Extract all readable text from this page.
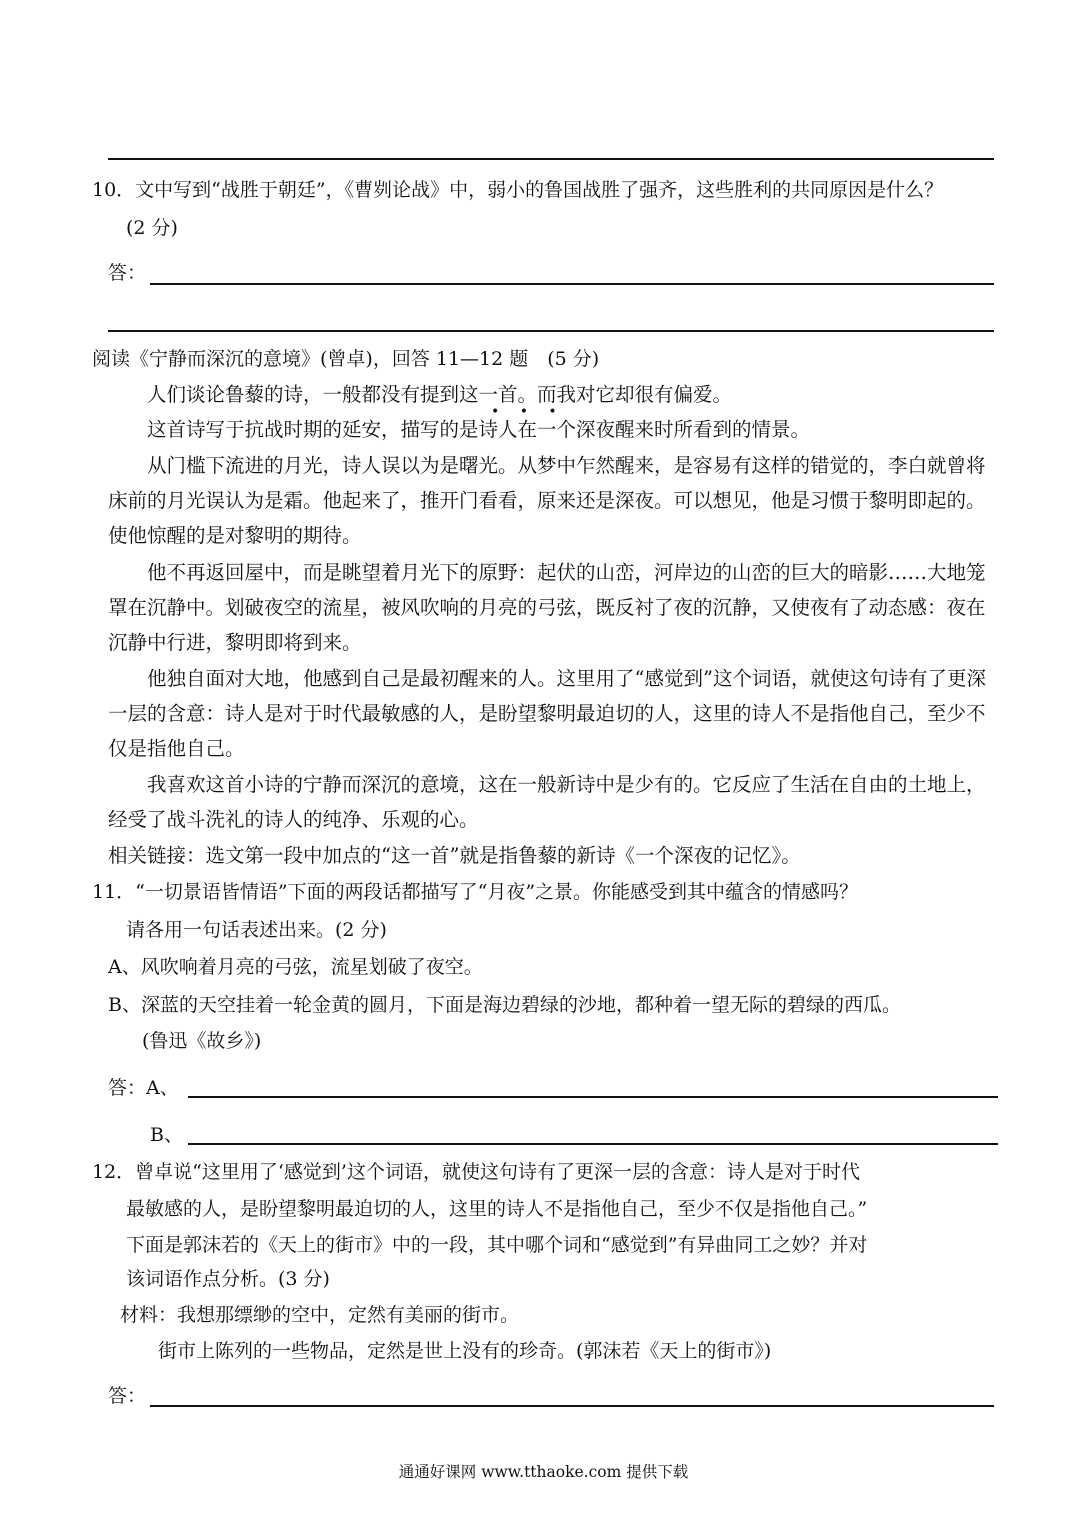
10．文中写到“战胜于朝廷”，《曹刿论战》中，弱小的鲁国战胜了强齐，这些胜利的共同原因是什么？
(2 分)
答：
阅读《宁静而深沉的意境》(曾卓)，回答 11—12 题　(5 分)
人们谈论鲁藜的诗，一般都没有提到这一首。而我对它却很有偏爱。
• • •
这首诗写于抗战时期的延安，描写的是诗人在一个深夜醒来时所看到的情景。
从门槛下流进的月光，诗人误以为是曙光。从梦中乍然醒来，是容易有这样的错觉的，李白就曾将床前的月光误认为是霜。他起来了，推开门看看，原来还是深夜。可以想见，他是习惯于黎明即起的。使他惊醒的是对黎明的期待。
他不再返回屋中，而是眺望着月光下的原野：起伏的山峦，河岸边的山峦的巨大的暗影……大地笼罩在沉静中。划破夜空的流星，被风吹响的月亮的弓弦，既反衬了夜的沉静，又使夜有了动态感：夜在沉静中行进，黎明即将到来。
他独自面对大地，他感到自己是最初醒来的人。这里用了“感觉到”这个词语，就使这句诗有了更深一层的含意：诗人是对于时代最敏感的人，是盼望黎明最迫切的人，这里的诗人不是指他自己，至少不仅是指他自己。
我喜欢这首小诗的宁静而深沉的意境，这在一般新诗中是少有的。它反应了生活在自由的土地上，经受了战斗洗礼的诗人的纯净、乐观的心。
相关链接：选文第一段中加点的“这一首”就是指鲁藜的新诗《一个深夜的记忆》。
11．“一切景语皆情语”下面的两段话都描写了“月夜”之景。你能感受到其中蕴含的情感吗？
请各用一句话表述出来。(2 分)
A、风吹响着月亮的弓弦，流星划破了夜空。
B、深蓝的天空挂着一轮金黄的圆月，下面是海边碧绿的沙地，都种着一望无际的碧绿的西瓜。
(鲁迅《故乡》)
答：A、
B、
12．曾卓说“这里用了‘感觉到’这个词语，就使这句诗有了更深一层的含意：诗人是对于时代
最敏感的人，是盼望黎明最迫切的人，这里的诗人不是指他自己，至少不仅是指他自己。”
下面是郭沫若的《天上的街市》中的一段，其中哪个词和“感觉到”有异曲同工之妙？并对
该词语作点分析。(3 分)
材料：我想那缥缈的空中，定然有美丽的街市。
街市上陈列的一些物品，定然是世上没有的珍奇。(郭沫若《天上的街市》)
答：
通通好课网 www.tthaoke.com 提供下载
